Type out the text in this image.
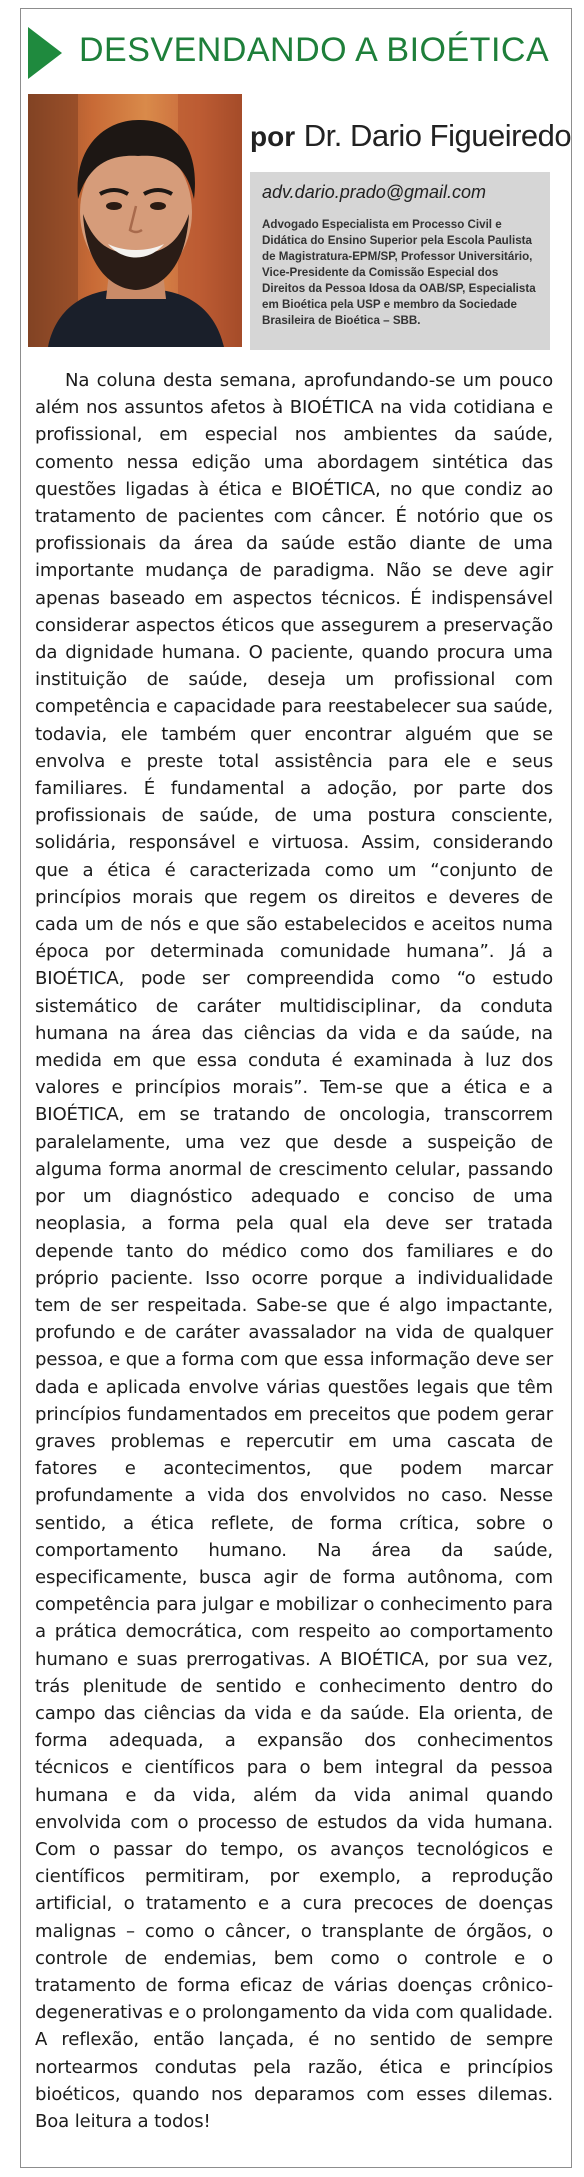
DESVENDANDO A BIOÉTICA

por Dr. Dario Figueiredo

adv.dario.prado@gmail.com

Advogado Especialista em Processo Civil e Didática do Ensino Superior pela Escola Paulista de Magistratura-EPM/SP, Professor Universitário, Vice-Presidente da Comissão Especial dos Direitos da Pessoa Idosa da OAB/SP, Especialista em Bioética pela USP e membro da Sociedade Brasileira de Bioética – SBB.

Na coluna desta semana, aprofundando-se um pouco além nos assuntos afetos à BIOÉTICA na vida cotidiana e profissional, em especial nos ambientes da saúde, comento nessa edição uma abordagem sintética das questões ligadas à ética e BIOÉTICA, no que condiz ao tratamento de pacientes com câncer. É notório que os profissionais da área da saúde estão diante de uma importante mudança de paradigma. Não se deve agir apenas baseado em aspectos técnicos. É indispensável considerar aspectos éticos que assegurem a preservação da dignidade humana. O paciente, quando procura uma instituição de saúde, deseja um profissional com competência e capacidade para reestabelecer sua saúde, todavia, ele também quer encontrar alguém que se envolva e preste total assistência para ele e seus familiares. É fundamental a adoção, por parte dos profissionais de saúde, de uma postura consciente, solidária, responsável e virtuosa. Assim, considerando que a ética é caracterizada como um “conjunto de princípios morais que regem os direitos e deveres de cada um de nós e que são estabelecidos e aceitos numa época por determinada comunidade humana”. Já a BIOÉTICA, pode ser compreendida como “o estudo sistemático de caráter multidisciplinar, da conduta humana na área das ciências da vida e da saúde, na medida em que essa conduta é examinada à luz dos valores e princípios morais”. Tem-se que a ética e a BIOÉTICA, em se tratando de oncologia, transcorrem paralelamente, uma vez que desde a suspeição de alguma forma anormal de crescimento celular, passando por um diagnóstico adequado e conciso de uma neoplasia, a forma pela qual ela deve ser tratada depende tanto do médico como dos familiares e do próprio paciente. Isso ocorre porque a individualidade tem de ser respeitada. Sabe-se que é algo impactante, profundo e de caráter avassalador na vida de qualquer pessoa, e que a forma com que essa informação deve ser dada e aplicada envolve várias questões legais que têm princípios fundamentados em preceitos que podem gerar graves problemas e repercutir em uma cascata de fatores e acontecimentos, que podem marcar profundamente a vida dos envolvidos no caso. Nesse sentido, a ética reflete, de forma crítica, sobre o comportamento humano. Na área da saúde, especificamente, busca agir de forma autônoma, com competência para julgar e mobilizar o conhecimento para a prática democrática, com respeito ao comportamento humano e suas prerrogativas. A BIOÉTICA, por sua vez, trás plenitude de sentido e conhecimento dentro do campo das ciências da vida e da saúde. Ela orienta, de forma adequada, a expansão dos conhecimentos técnicos e científicos para o bem integral da pessoa humana e da vida, além da vida animal quando envolvida com o processo de estudos da vida humana. Com o passar do tempo, os avanços tecnológicos e científicos permitiram, por exemplo, a reprodução artificial, o tratamento e a cura precoces de doenças malignas – como o câncer, o transplante de órgãos, o controle de endemias, bem como o controle e o tratamento de forma eficaz de várias doenças crônico-degenerativas e o prolongamento da vida com qualidade. A reflexão, então lançada, é no sentido de sempre nortearmos condutas pela razão, ética e princípios bioéticos, quando nos deparamos com esses dilemas. Boa leitura a todos!
